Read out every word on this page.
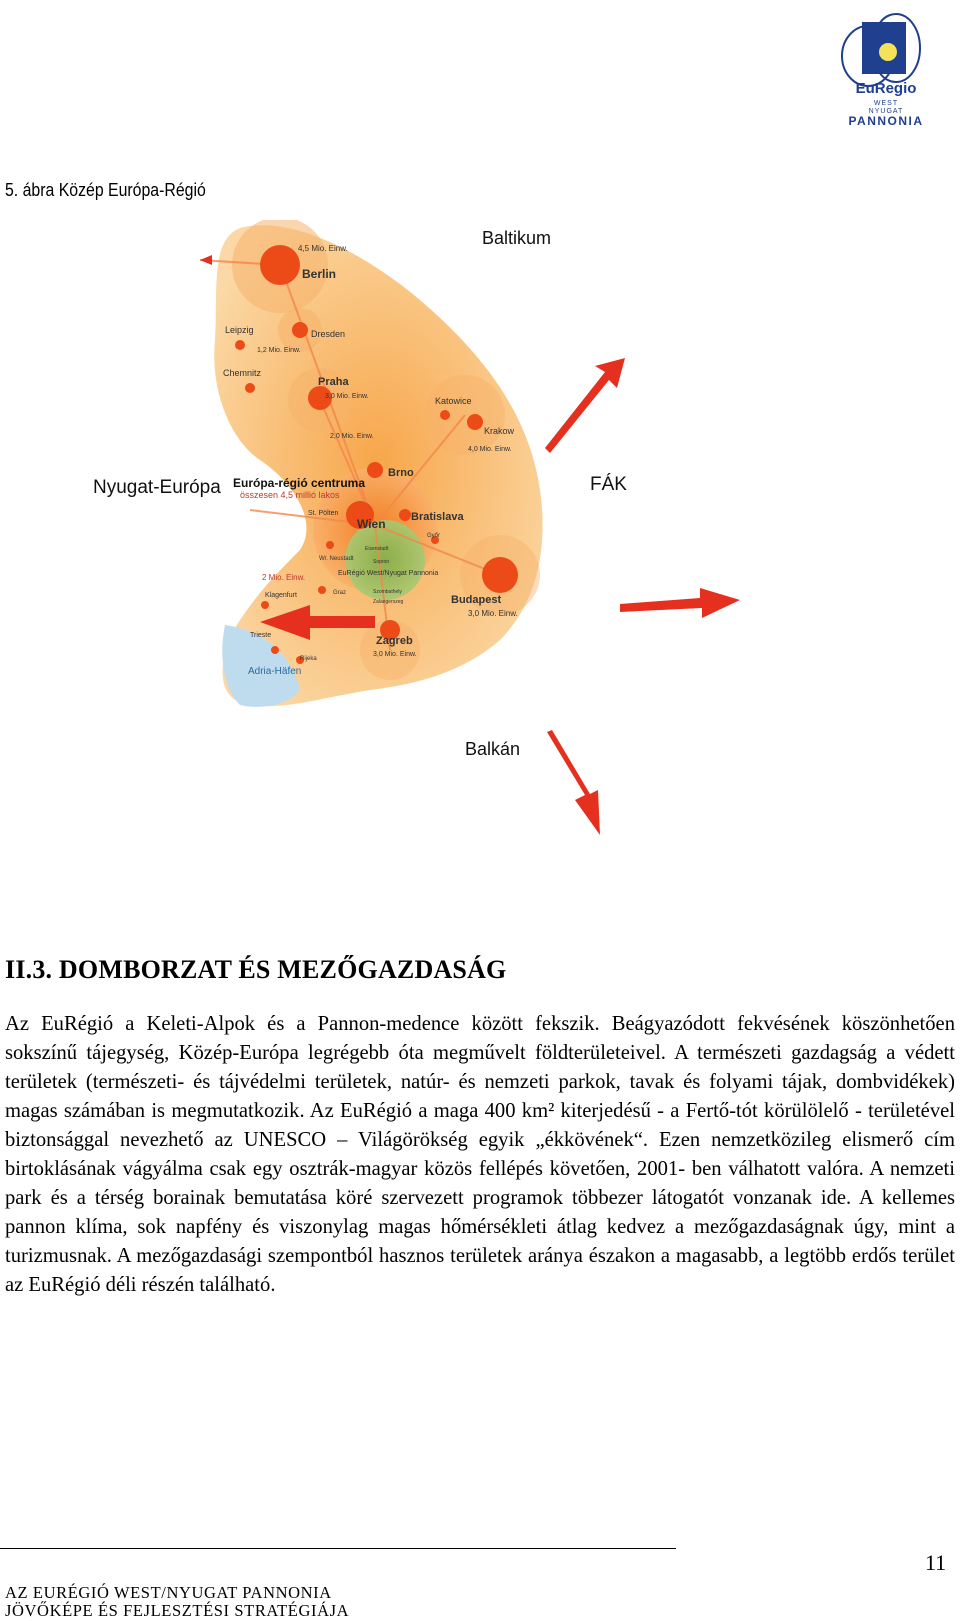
EuRegio
WEST
NYUGAT
PANNONIA
5. ábra Közép Európa-Régió
Baltikum
Nyugat-Európa	FÁK
Balkán
4,5 Mio. Einw.
Berlin
Leipzig	Dresden
1,2 Mio. Einw.
Chemnitz
Praha
3,0 Mio. Einw.
2,0 Mio. Einw.
Katowice
Krakow
4,0 Mio. Einw.
Brno
Európa-régió centruma
összesen 4,5 millió lakos
St. Pölten
Wien Bratislava
Győr
Eisenstadt
Sopron
Wr. Neustadt
EuRégió West/Nyugat Pannonia
Graz	Szombathely
Zalaegerszeg
2 Mio. Einw.
Klagenfurt	Budapest
3,0 Mio. Einw.
Trieste
Rijeka
Zagreb
3,0 Mio. Einw.
Adria-Häfen
II.3. DOMBORZAT ÉS MEZŐGAZDASÁG
Az EuRégió a Keleti-Alpok és a Pannon-medence között fekszik. Beágyazódott fekvésének köszönhetően sokszínű tájegység, Közép-Európa legrégebb óta megművelt földterületeivel. A természeti gazdagság a védett területek (természeti- és tájvédelmi területek, natúr- és nemzeti parkok, tavak és folyami tájak, dombvidékek) magas számában is megmutatkozik. Az EuRégió a maga 400 km² kiterjedésű - a Fertő-tót körülölelő - területével biztonsággal nevezhető az UNESCO – Világörökség egyik „ékkövének“. Ezen nemzetközileg elismerő cím birtoklásának vágyálma csak egy osztrák-magyar közös fellépés követően, 2001- ben válhatott valóra. A nemzeti park és a térség borainak bemutatása köré szervezett programok többezer látogatót vonzanak ide. A kellemes pannon klíma, sok napfény és viszonylag magas hőmérsékleti átlag kedvez a mezőgazdaságnak úgy, mint a turizmusnak. A mezőgazdasági szempontból hasznos területek aránya északon a magasabb, a legtöbb erdős terület az EuRégió déli részén található.
11
AZ EURÉGIÓ WEST/NYUGAT PANNONIA
JÖVŐKÉPE ÉS FEJLESZTÉSI STRATÉGIÁJA
